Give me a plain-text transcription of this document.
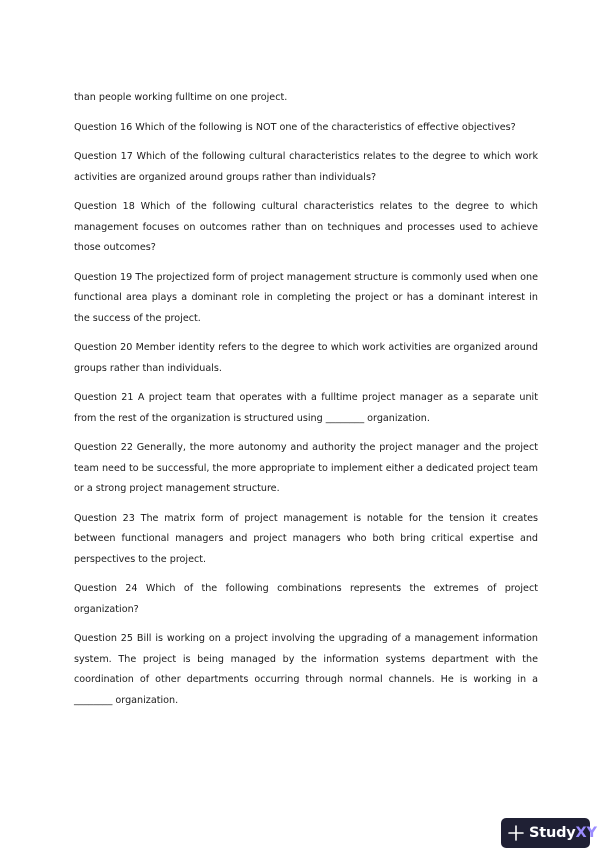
than people working fulltime on one project.

Question 16 Which of the following is NOT one of the characteristics of effective objectives?

Question 17 Which of the following cultural characteristics relates to the degree to which work activities are organized around groups rather than individuals?

Question 18 Which of the following cultural characteristics relates to the degree to which management focuses on outcomes rather than on techniques and processes used to achieve those outcomes?

Question 19 The projectized form of project management structure is commonly used when one functional area plays a dominant role in completing the project or has a dominant interest in the success of the project.

Question 20 Member identity refers to the degree to which work activities are organized around groups rather than individuals.

Question 21 A project team that operates with a fulltime project manager as a separate unit from the rest of the organization is structured using ________ organization.

Question 22 Generally, the more autonomy and authority the project manager and the project team need to be successful, the more appropriate to implement either a dedicated project team or a strong project management structure.

Question 23 The matrix form of project management is notable for the tension it creates between functional managers and project managers who both bring critical expertise and perspectives to the project.

Question 24 Which of the following combinations represents the extremes of project organization?

Question 25 Bill is working on a project involving the upgrading of a management information system. The project is being managed by the information systems department with the coordination of other departments occurring through normal channels. He is working in a ________ organization.

StudyXY
